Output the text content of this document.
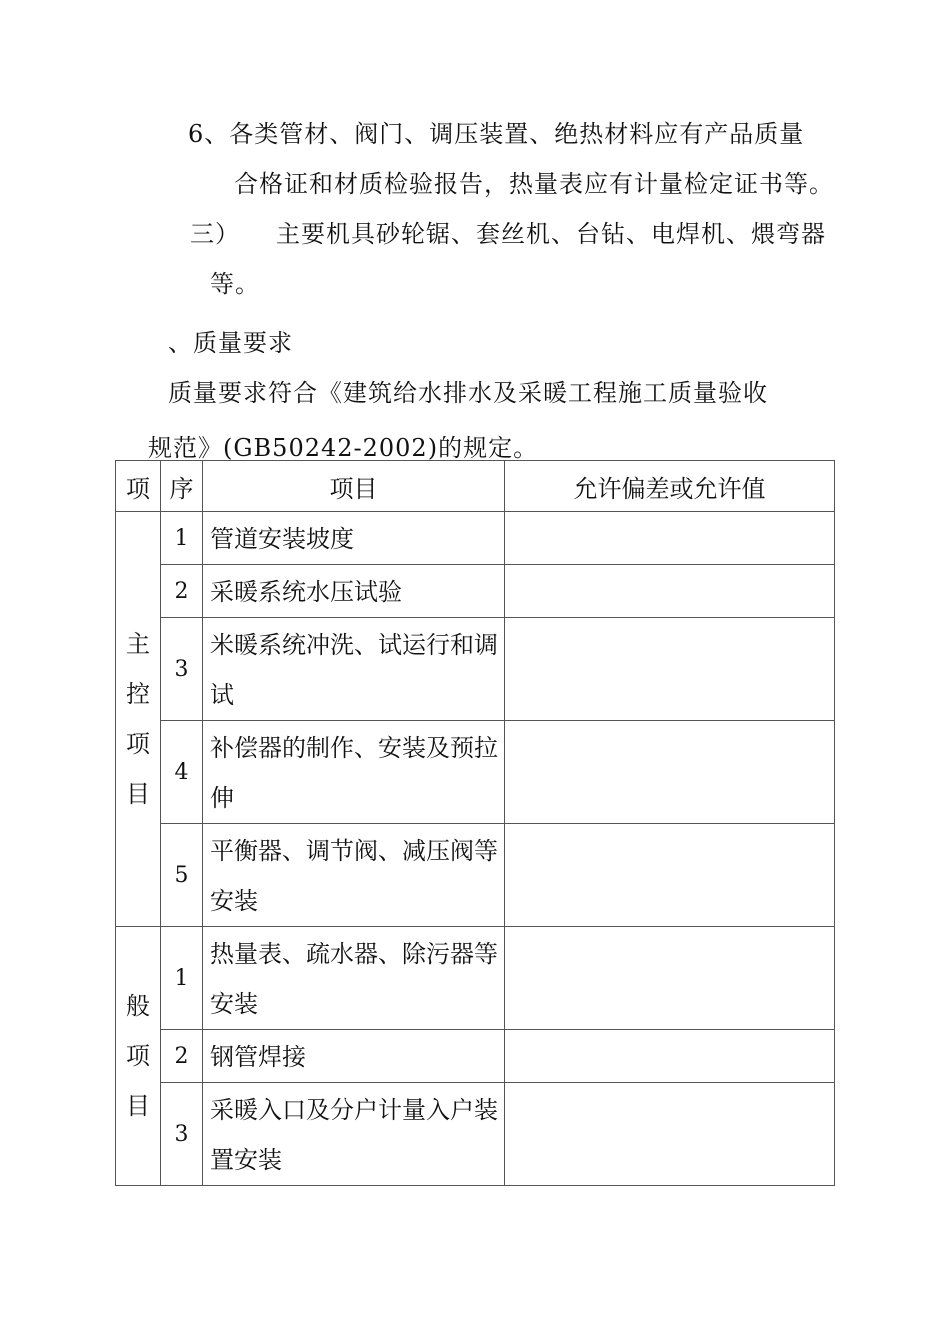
6、各类管材、阀门、调压装置、绝热材料应有产品质量
合格证和材质检验报告，热量表应有计量检定证书等。
三） 主要机具砂轮锯、套丝机、台钻、电焊机、煨弯器
等。
、质量要求
质量要求符合《建筑给水排水及采暖工程施工质量验收
规范》(GB50242-2002)的规定。
项	序	项目	允许偏差或允许值
主控项目	1	管道安装坡度	
	2	采暖系统水压试验	
	3	米暖系统冲洗、试运行和调试	
	4	补偿器的制作、安装及预拉伸	
	5	平衡器、调节阀、减压阀等安装	
般项目	1	热量表、疏水器、除污器等安装	
	2	钢管焊接	
	3	采暖入口及分户计量入户装置安装	
